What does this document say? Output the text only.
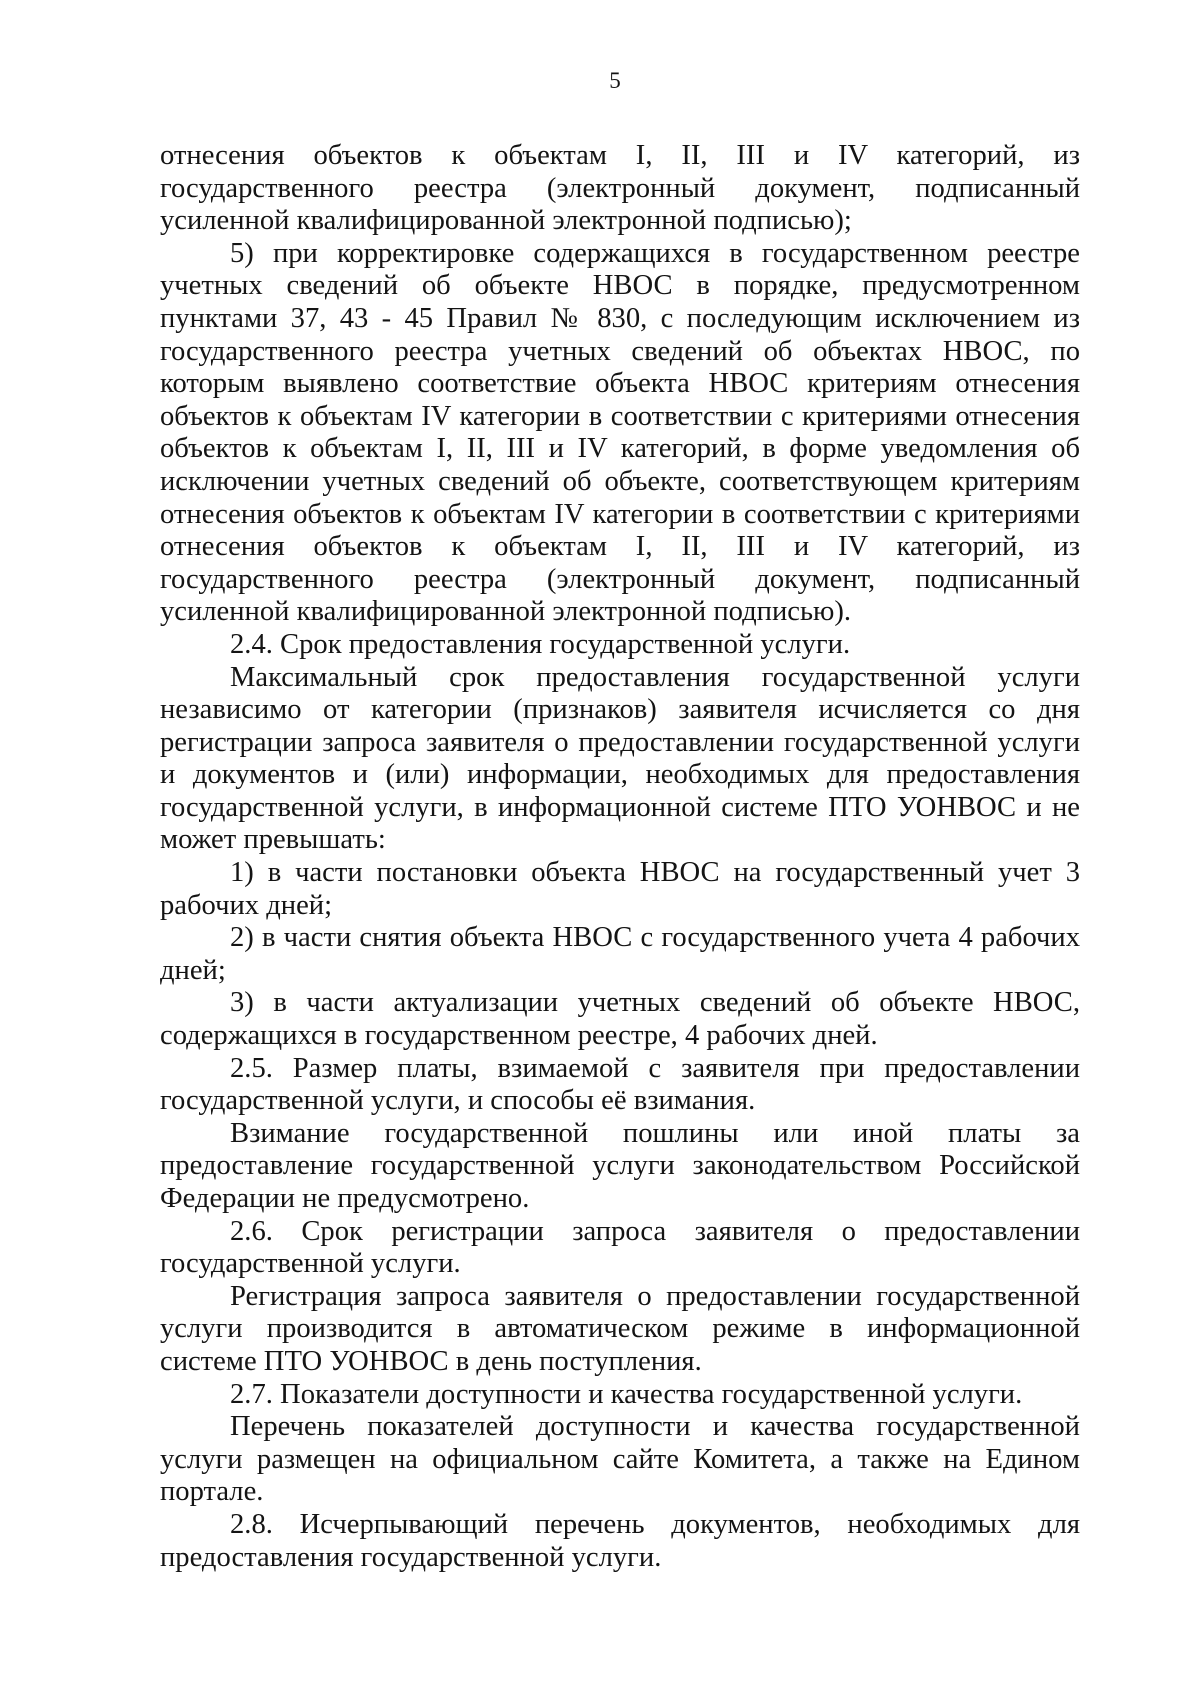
5

отнесения объектов к объектам I, II, III и IV категорий, из государственного реестра (электронный документ, подписанный усиленной квалифицированной электронной подписью);

5) при корректировке содержащихся в государственном реестре учетных сведений об объекте НВОС в порядке, предусмотренном пунктами 37, 43 - 45 Правил № 830, с последующим исключением из государственного реестра учетных сведений об объектах НВОС, по которым выявлено соответствие объекта НВОС критериям отнесения объектов к объектам IV категории в соответствии с критериями отнесения объектов к объектам I, II, III и IV категорий, в форме уведомления об исключении учетных сведений об объекте, соответствующем критериям отнесения объектов к объектам IV категории в соответствии с критериями отнесения объектов к объектам I, II, III и IV категорий, из государственного реестра (электронный документ, подписанный усиленной квалифицированной электронной подписью).

2.4. Срок предоставления государственной услуги.

Максимальный срок предоставления государственной услуги независимо от категории (признаков) заявителя исчисляется со дня регистрации запроса заявителя о предоставлении государственной услуги и документов и (или) информации, необходимых для предоставления государственной услуги, в информационной системе ПТО УОНВОС и не может превышать:

1) в части постановки объекта НВОС на государственный учет 3 рабочих дней;

2) в части снятия объекта НВОС с государственного учета 4 рабочих дней;

3) в части актуализации учетных сведений об объекте НВОС, содержащихся в государственном реестре, 4 рабочих дней.

2.5. Размер платы, взимаемой с заявителя при предоставлении государственной услуги, и способы её взимания.

Взимание государственной пошлины или иной платы за предоставление государственной услуги законодательством Российской Федерации не предусмотрено.

2.6. Срок регистрации запроса заявителя о предоставлении государственной услуги.

Регистрация запроса заявителя о предоставлении государственной услуги производится в автоматическом режиме в информационной системе ПТО УОНВОС в день поступления.

2.7. Показатели доступности и качества государственной услуги.

Перечень показателей доступности и качества государственной услуги размещен на официальном сайте Комитета, а также на Едином портале.

2.8. Исчерпывающий перечень документов, необходимых для предоставления государственной услуги.
